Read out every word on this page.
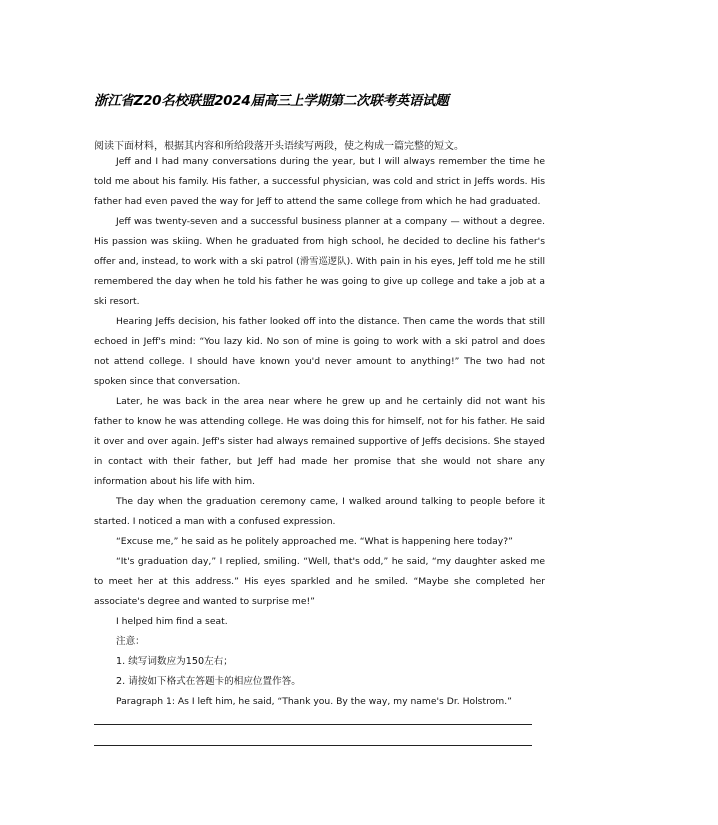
浙江省Z20名校联盟2024届高三上学期第二次联考英语试题
阅读下面材料，根据其内容和所给段落开头语续写两段，使之构成一篇完整的短文。

Jeff and I had many conversations during the year, but I will always remember the time he told me about his family. His father, a successful physician, was cold and strict in Jeffs words. His father had even paved the way for Jeff to attend the same college from which he had graduated.

Jeff was twenty-seven and a successful business planner at a company — without a degree. His passion was skiing. When he graduated from high school, he decided to decline his father's offer and, instead, to work with a ski patrol (滑雪巡逻队). With pain in his eyes, Jeff told me he still remembered the day when he told his father he was going to give up college and take a job at a ski resort.

Hearing Jeffs decision, his father looked off into the distance. Then came the words that still echoed in Jeff's mind: “You lazy kid. No son of mine is going to work with a ski patrol and does not attend college. I should have known you'd never amount to anything!” The two had not spoken since that conversation.

Later, he was back in the area near where he grew up and he certainly did not want his father to know he was attending college. He was doing this for himself, not for his father. He said it over and over again. Jeff's sister had always remained supportive of Jeffs decisions. She stayed in contact with their father, but Jeff had made her promise that she would not share any information about his life with him.

The day when the graduation ceremony came, I walked around talking to people before it started. I noticed a man with a confused expression.

“Excuse me,” he said as he politely approached me. “What is happening here today?”

“It's graduation day,” I replied, smiling. “Well, that's odd,” he said, “my daughter asked me to meet her at this address.” His eyes sparkled and he smiled. “Maybe she completed her associate's degree and wanted to surprise me!”

I helped him find a seat.

注意：
1. 续写词数应为150左右；
2. 请按如下格式在答题卡的相应位置作答。
Paragraph 1: As I left him, he said, “Thank you. By the way, my name's Dr. Holstrom.”
